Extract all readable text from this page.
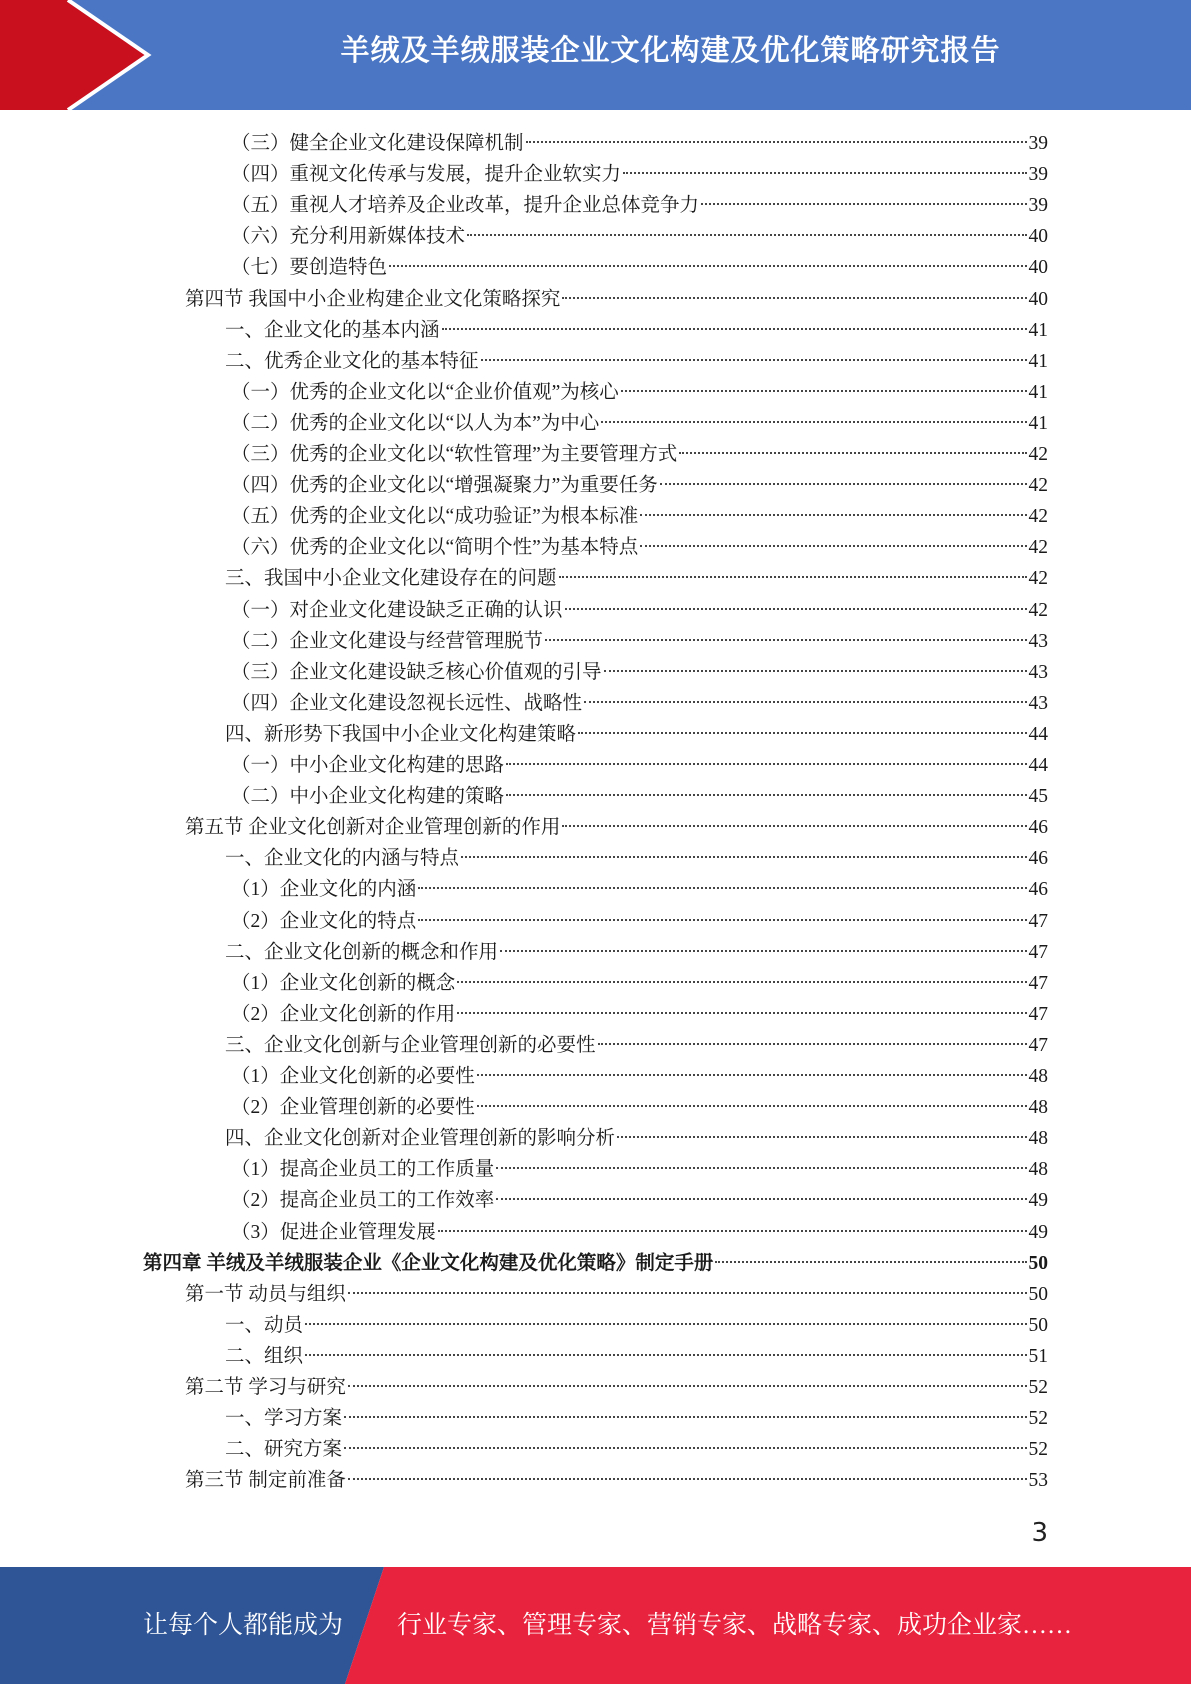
羊绒及羊绒服装企业文化构建及优化策略研究报告
（三）健全企业文化建设保障机制	39
（四）重视文化传承与发展，提升企业软实力	39
（五）重视人才培养及企业改革，提升企业总体竞争力	39
（六）充分利用新媒体技术	40
（七）要创造特色	40
第四节 我国中小企业构建企业文化策略探究	40
一、企业文化的基本内涵	41
二、优秀企业文化的基本特征	41
（一）优秀的企业文化以“企业价值观”为核心	41
（二）优秀的企业文化以“以人为本”为中心	41
（三）优秀的企业文化以“软性管理”为主要管理方式	42
（四）优秀的企业文化以“增强凝聚力”为重要任务	42
（五）优秀的企业文化以“成功验证”为根本标准	42
（六）优秀的企业文化以“简明个性”为基本特点	42
三、我国中小企业文化建设存在的问题	42
（一）对企业文化建设缺乏正确的认识	42
（二）企业文化建设与经营管理脱节	43
（三）企业文化建设缺乏核心价值观的引导	43
（四）企业文化建设忽视长远性、战略性	43
四、新形势下我国中小企业文化构建策略	44
（一）中小企业文化构建的思路	44
（二）中小企业文化构建的策略	45
第五节 企业文化创新对企业管理创新的作用	46
一、企业文化的内涵与特点	46
（1）企业文化的内涵	46
（2）企业文化的特点	47
二、企业文化创新的概念和作用	47
（1）企业文化创新的概念	47
（2）企业文化创新的作用	47
三、企业文化创新与企业管理创新的必要性	47
（1）企业文化创新的必要性	48
（2）企业管理创新的必要性	48
四、企业文化创新对企业管理创新的影响分析	48
（1）提高企业员工的工作质量	48
（2）提高企业员工的工作效率	49
（3）促进企业管理发展	49
第四章 羊绒及羊绒服装企业《企业文化构建及优化策略》制定手册	50
第一节 动员与组织	50
一、动员	50
二、组织	51
第二节 学习与研究	52
一、学习方案	52
二、研究方案	52
第三节 制定前准备	53
3
让每个人都能成为 行业专家、管理专家、营销专家、战略专家、成功企业家……
